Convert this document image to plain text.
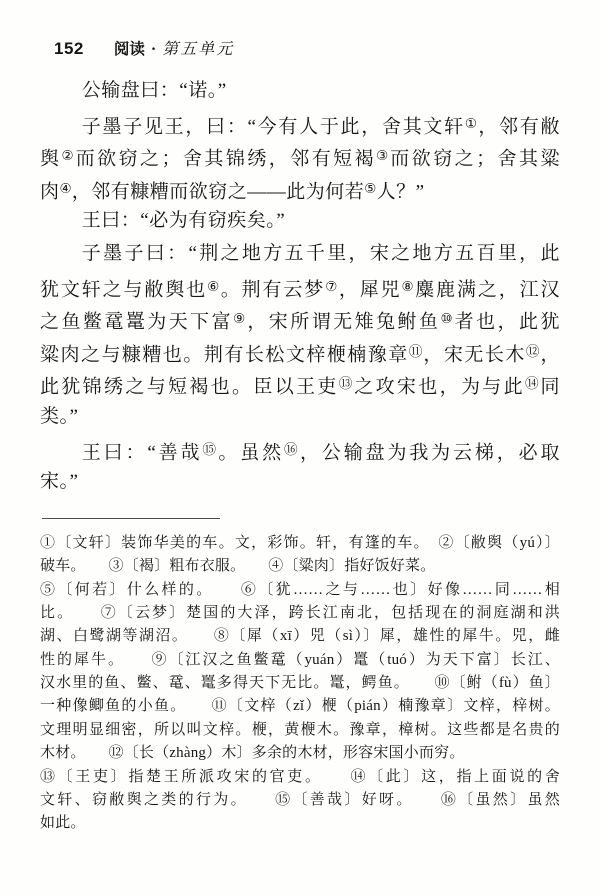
152 阅读 · 第五单元
公输盘曰：“诺。”
子墨子见王，曰：“今有人于此，舍其文轩①，邻有敝
舆②而欲窃之；舍其锦绣，邻有短褐③而欲窃之；舍其粱
肉④，邻有糠糟而欲窃之——此为何若⑤人？”
王曰：“必为有窃疾矣。”
子墨子曰：“荆之地方五千里，宋之地方五百里，此
犹文轩之与敝舆也⑥。荆有云梦⑦，犀兕⑧麋鹿满之，江汉
之鱼鳖鼋鼍为天下富⑨，宋所谓无雉兔鲋鱼⑩者也，此犹
粱肉之与糠糟也。荆有长松文梓楩楠豫章⑪，宋无长木⑫，
此犹锦绣之与短褐也。臣以王吏⑬之攻宋也，为与此⑭同
类。”
王曰：“善哉⑮。虽然⑯，公输盘为我为云梯，必取
宋。”
①〔文轩〕装饰华美的车。文，彩饰。轩，有篷的车。　②〔敝舆（yú）〕
破车。　　③〔褐〕粗布衣服。　　④〔粱肉〕指好饭好菜。
⑤〔何若〕什么样的。　　⑥〔犹……之与……也〕好像……同……相
比。　　⑦〔云梦〕楚国的大泽，跨长江南北，包括现在的洞庭湖和洪
湖、白鹭湖等湖沼。　　⑧〔犀（xī）兕（sì）〕犀，雄性的犀牛。兕，雌
性的犀牛。　　⑨〔江汉之鱼鳖鼋（yuán）鼍（tuó）为天下富〕长江、
汉水里的鱼、鳖、鼋、鼍多得天下无比。鼍，鳄鱼。　　⑩〔鲋（fù）鱼〕
一种像鲫鱼的小鱼。　　⑪〔文梓（zǐ）楩（pián）楠豫章〕文梓，梓树。
文理明显细密，所以叫文梓。楩，黄楩木。豫章，樟树。这些都是名贵的
木材。　　⑫〔长（zhàng）木〕多余的木材，形容宋国小而穷。
⑬〔王吏〕指楚王所派攻宋的官吏。　　⑭〔此〕这，指上面说的舍
文轩、窃敝舆之类的行为。　　⑮〔善哉〕好呀。　　⑯〔虽然〕虽然
如此。
